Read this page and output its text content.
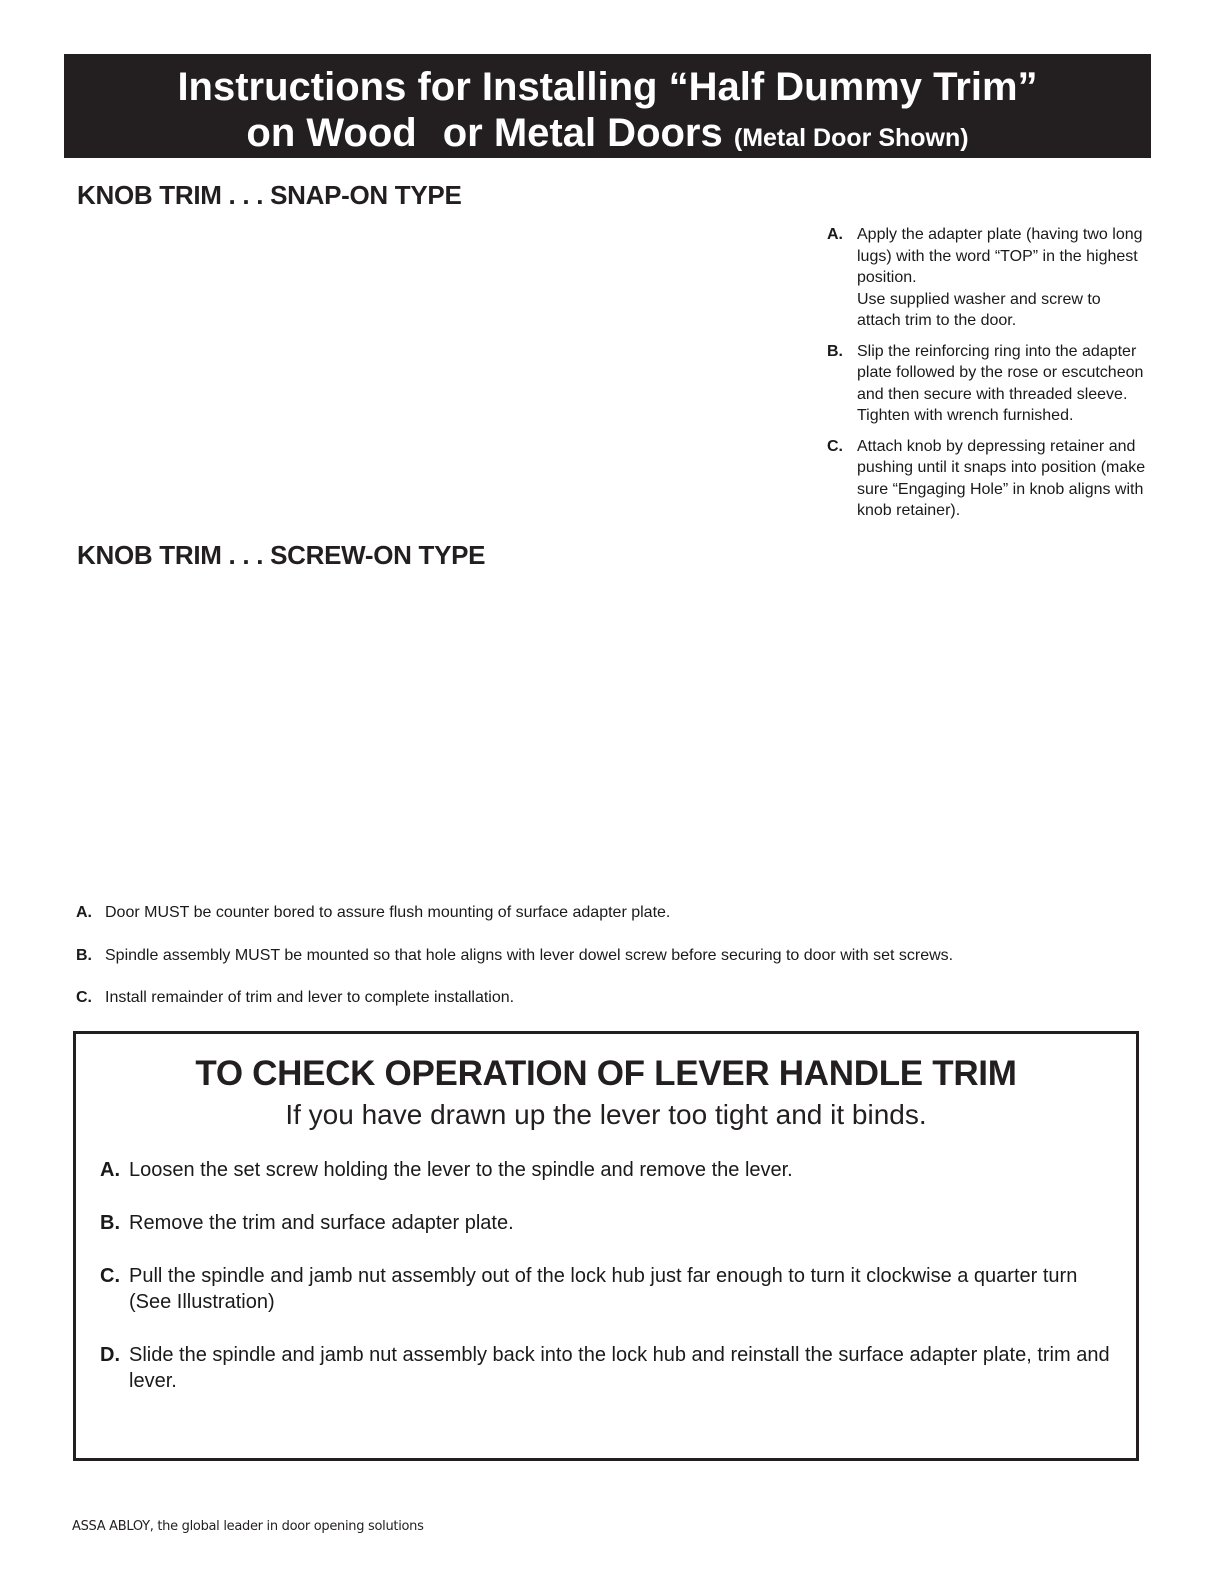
Instructions for Installing “Half Dummy Trim”
on Wood or Metal Doors (Metal Door Shown)
KNOB TRIM . . . SNAP-ON TYPE
A. Apply the adapter plate (having two long lugs) with the word “TOP” in the highest position.
Use supplied washer and screw to attach trim to the door.
B. Slip the reinforcing ring into the adapter plate followed by the rose or escutcheon and then secure with threaded sleeve. Tighten with wrench furnished.
C. Attach knob by depressing retainer and pushing until it snaps into position (make sure “Engaging Hole” in knob aligns with knob retainer).
KNOB TRIM . . . SCREW-ON TYPE
A. Door MUST be counter bored to assure flush mounting of surface adapter plate.
B. Spindle assembly MUST be mounted so that hole aligns with lever dowel screw before securing to door with set screws.
C. Install remainder of trim and lever to complete installation.
TO CHECK OPERATION OF LEVER HANDLE TRIM

If you have drawn up the lever too tight and it binds.

A. Loosen the set screw holding the lever to the spindle and remove the lever.
B. Remove the trim and surface adapter plate.
C. Pull the spindle and jamb nut assembly out of the lock hub just far enough to turn it clockwise a quarter turn (See Illustration)
D. Slide the spindle and jamb nut assembly back into the lock hub and reinstall the surface adapter plate, trim and lever.

ASSA ABLOY, the global leader in door opening solutions
